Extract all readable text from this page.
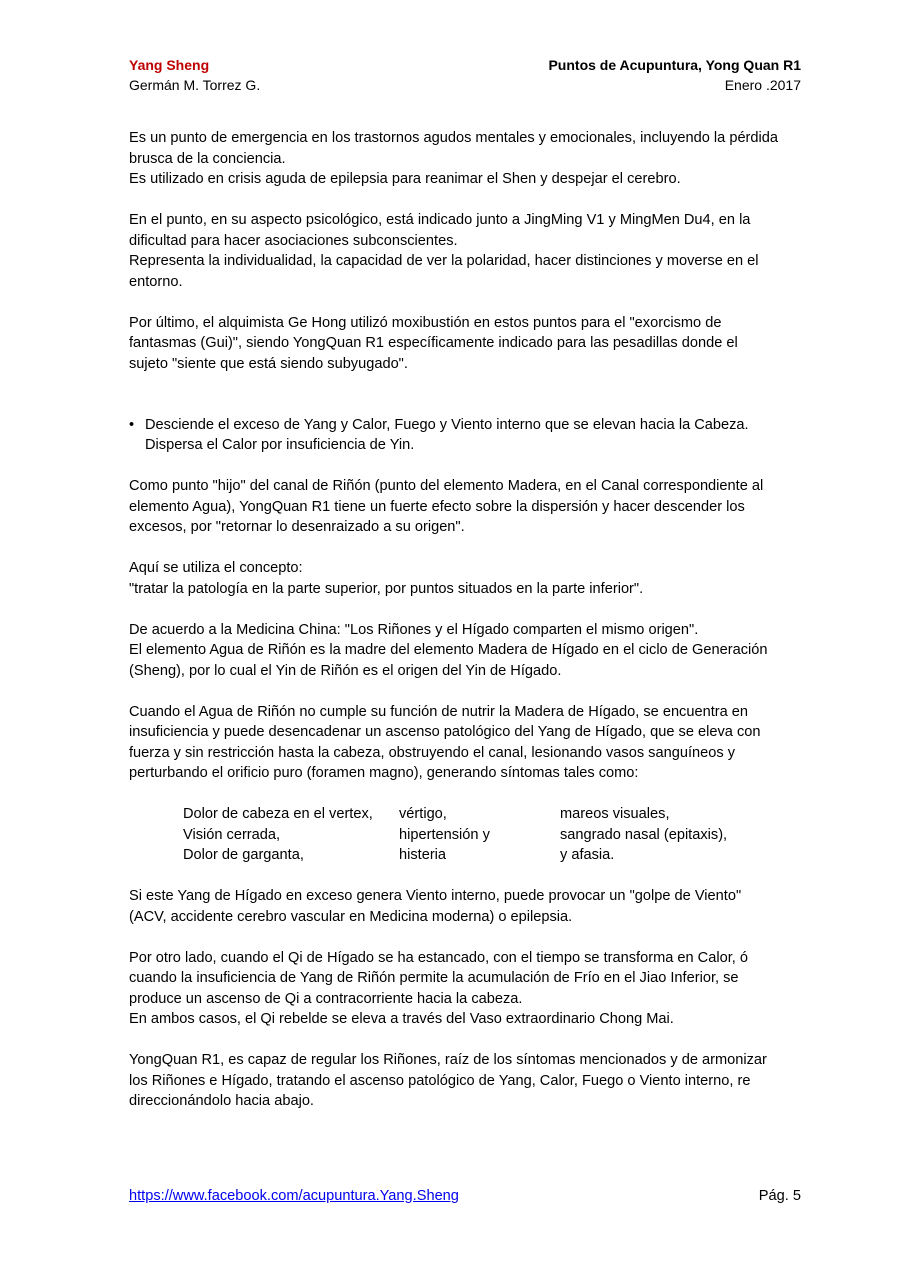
Yang Sheng
Germán M. Torrez G.
Puntos de Acupuntura, Yong Quan R1
Enero .2017

Es un punto de emergencia en los trastornos agudos mentales y emocionales, incluyendo la pérdida brusca de la conciencia.

Es utilizado en crisis aguda de epilepsia para reanimar el Shen y despejar el cerebro.

En el punto, en su aspecto psicológico, está indicado junto a JingMing V1 y MingMen Du4, en la dificultad para hacer asociaciones subconscientes.

Representa la individualidad, la capacidad de ver la polaridad, hacer distinciones y moverse en el entorno.

Por último, el alquimista Ge Hong utilizó moxibustión en estos puntos para el "exorcismo de fantasmas (Gui)", siendo YongQuan R1 específicamente indicado para las pesadillas donde el sujeto "siente que está siendo subyugado".

• Desciende el exceso de Yang y Calor, Fuego y Viento interno que se elevan hacia la Cabeza. Dispersa el Calor por insuficiencia de Yin.

Como punto "hijo" del canal de Riñón (punto del elemento Madera, en el Canal correspondiente al elemento Agua), YongQuan R1 tiene un fuerte efecto sobre la dispersión y hacer descender los excesos, por "retornar lo desenraizado a su origen".

Aquí se utiliza el concepto:

"tratar la patología en la parte superior, por puntos situados en la parte inferior".

De acuerdo a la Medicina China: "Los Riñones y el Hígado comparten el mismo origen".

El elemento Agua de Riñón es la madre del elemento Madera de Hígado en el ciclo de Generación (Sheng), por lo cual el Yin de Riñón es el origen del Yin de Hígado.

Cuando el Agua de Riñón no cumple su función de nutrir la Madera de Hígado, se encuentra en insuficiencia y puede desencadenar un ascenso patológico del Yang de Hígado, que se eleva con fuerza y sin restricción hasta la cabeza, obstruyendo el canal, lesionando vasos sanguíneos y perturbando el orificio puro (foramen magno), generando síntomas tales como:

Dolor de cabeza en el vertex,	vértigo,	mareos visuales,
Visión cerrada,	hipertensión y	sangrado nasal (epitaxis),
Dolor de garganta,	histeria	y afasia.

Si este Yang de Hígado en exceso genera Viento interno, puede provocar un "golpe de Viento" (ACV, accidente cerebro vascular en Medicina moderna) o epilepsia.

Por otro lado, cuando el Qi de Hígado se ha estancado, con el tiempo se transforma en Calor, ó cuando la insuficiencia de Yang de Riñón permite la acumulación de Frío en el Jiao Inferior, se produce un ascenso de Qi a contracorriente hacia la cabeza.

En ambos casos, el Qi rebelde se eleva a través del Vaso extraordinario Chong Mai.

YongQuan R1, es capaz de regular los Riñones, raíz de los síntomas mencionados y de armonizar los Riñones e Hígado, tratando el ascenso patológico de Yang, Calor, Fuego o Viento interno, re direccionándolo hacia abajo.

https://www.facebook.com/acupuntura.Yang.Sheng	Pág. 5
